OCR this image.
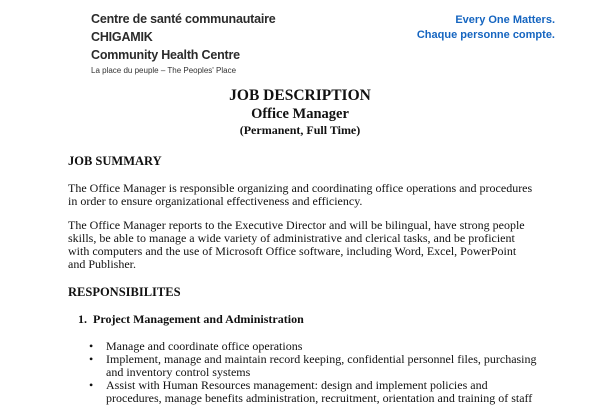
Centre de santé communautaire
CHIGAMIK
Community Health Centre
La place du peuple – The Peoples' Place
Every One Matters.
Chaque personne compte.
JOB DESCRIPTION
Office Manager
(Permanent, Full Time)
JOB SUMMARY

The Office Manager is responsible organizing and coordinating office operations and procedures

in order to ensure organizational effectiveness and efficiency.

The Office Manager reports to the Executive Director and will be bilingual, have strong people

skills, be able to manage a wide variety of administrative and clerical tasks, and be proficient

with computers and the use of Microsoft Office software, including Word, Excel, PowerPoint

and Publisher.

RESPONSIBILITES
1. Project Management and Administration
• Manage and coordinate office operations
• Implement, manage and maintain record keeping, confidential personnel files, purchasing
and inventory control systems
• Assist with Human Resources management: design and implement policies and
procedures, manage benefits administration, recruitment, orientation and training of staff
